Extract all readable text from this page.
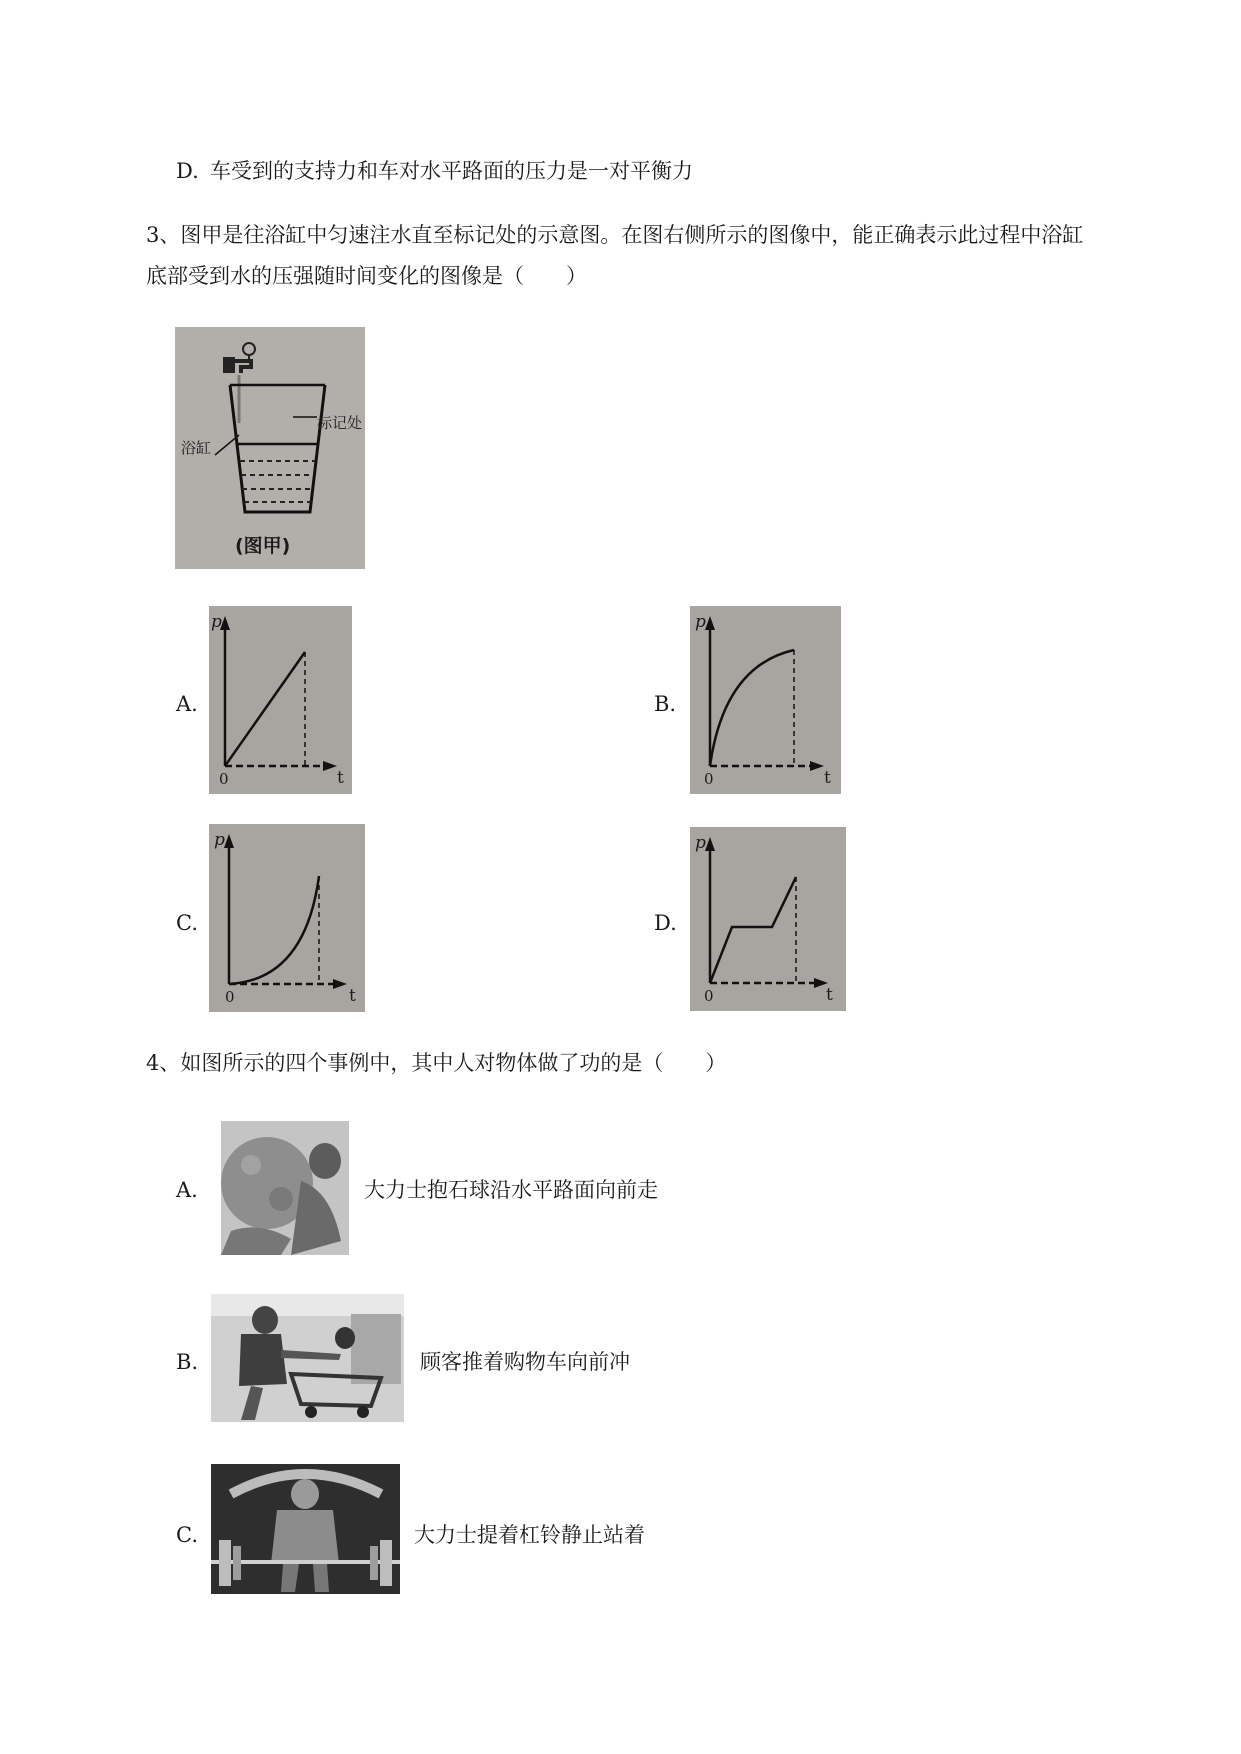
D. 车受到的支持力和车对水平路面的压力是一对平衡力
3、图甲是往浴缸中匀速注水直至标记处的示意图。在图右侧所示的图像中，能正确表示此过程中浴缸
底部受到水的压强随时间变化的图像是（　　）
标记处
浴缸
(图甲)
A.
p
0	t
B.
p
0	t
C.
p
0	t
D.
p
0	t
4、如图所示的四个事例中，其中人对物体做了功的是（　　）
A.	大力士抱石球沿水平路面向前走
B.	顾客推着购物车向前冲
C.	大力士提着杠铃静止站着
